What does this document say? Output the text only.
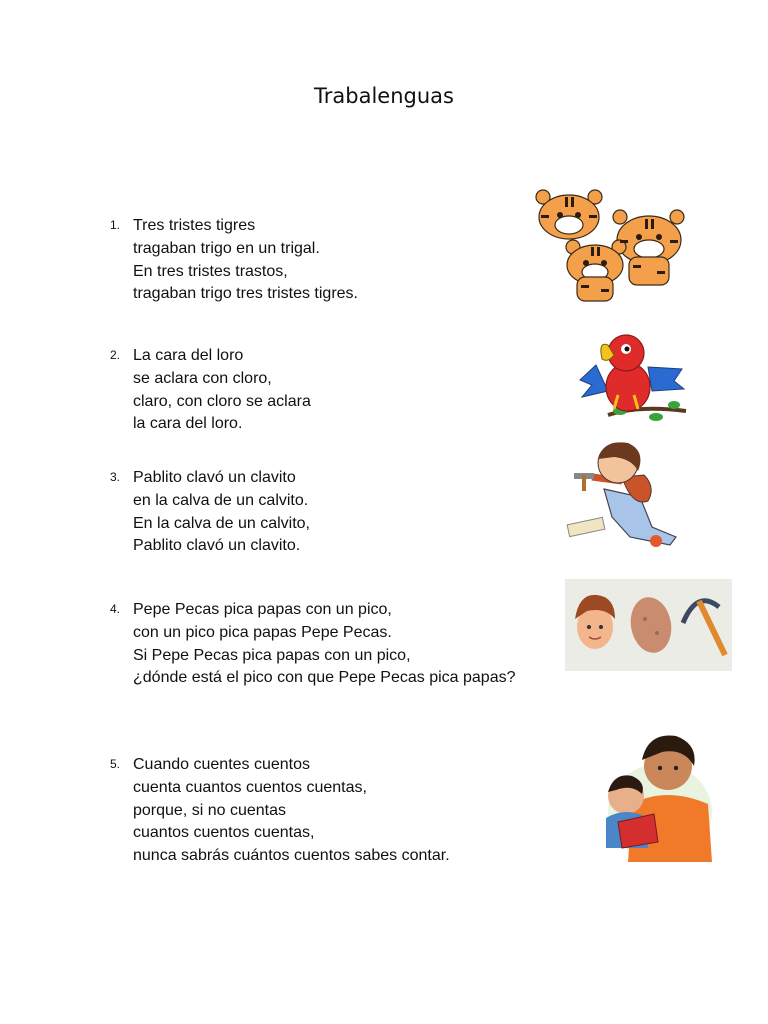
Trabalenguas
1. Tres tristes tigres
tragaban trigo en un trigal.
En tres tristes trastos,
tragaban trigo tres tristes tigres.
2. La cara del loro
se aclara con cloro,
claro, con cloro se aclara
la cara del loro.
3. Pablito clavó un clavito
en la calva de un calvito.
En la calva de un calvito,
Pablito clavó un clavito.
4. Pepe Pecas pica papas con un pico,
con un pico pica papas Pepe Pecas.
Si Pepe Pecas pica papas con un pico,
¿dónde está el pico con que Pepe Pecas pica papas?
5. Cuando cuentes cuentos
cuenta cuantos cuentos cuentas,
porque, si no cuentas
cuantos cuentos cuentas,
nunca sabrás cuántos cuentos sabes contar.
